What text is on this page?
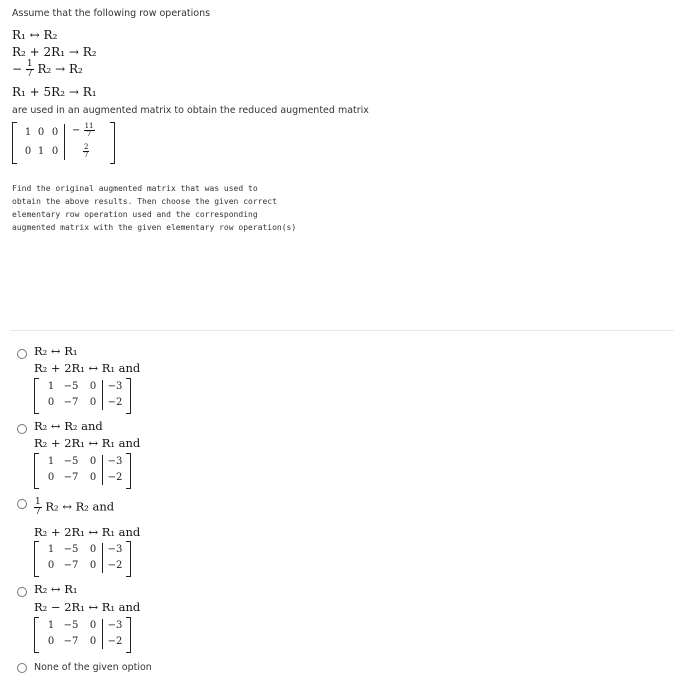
Assume that the following row operations
R₁ ↔ R₂
R₂ + 2R₁ → R₂
− $\frac{1}{7} R_2 \to R_2$
R₁ + 5R₂ → R₁
are used in an augmented matrix to obtain the reduced augmented matrix
1 0 0
0 1 0
− $\frac{11}{7}$
$\frac{2}{7}$
Find the original augmented matrix that was used to
obtain the above results. Then choose the given correct
elementary row operation used and the corresponding
augmented matrix with the given elementary row operation(s)
R₂ ↔ R₁
R₂ + 2R₁ ↔ R₁ and
1 −5 0
0 −7 0
−3
−2
R₂ ↔ R₂ and
R₂ + 2R₁ ↔ R₁ and
1 −5 0
0 −7 0
−3
−2
$\frac{1}{7} R_2$ ↔ R₂ and
R₂ + 2R₁ ↔ R₁ and
1 −5 0
0 −7 0
−3
−2
R₂ ↔ R₁
R₂ − 2R₁ ↔ R₁ and
1 −5 0
0 −7 0
−3
−2
None of the given option
